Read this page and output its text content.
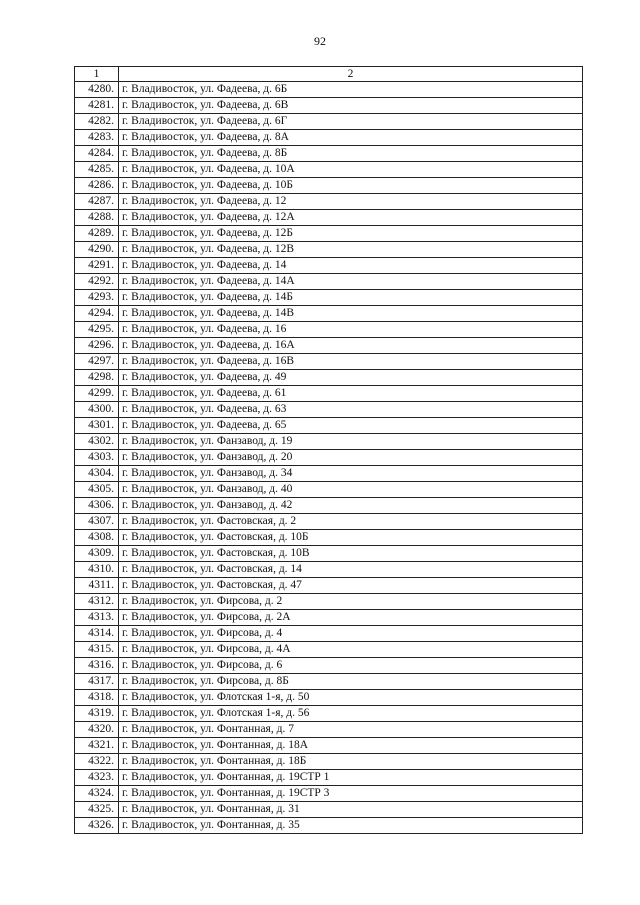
92
1	2
4280.	г. Владивосток, ул. Фадеева, д. 6Б
4281.	г. Владивосток, ул. Фадеева, д. 6В
4282.	г. Владивосток, ул. Фадеева, д. 6Г
4283.	г. Владивосток, ул. Фадеева, д. 8А
4284.	г. Владивосток, ул. Фадеева, д. 8Б
4285.	г. Владивосток, ул. Фадеева, д. 10А
4286.	г. Владивосток, ул. Фадеева, д. 10Б
4287.	г. Владивосток, ул. Фадеева, д. 12
4288.	г. Владивосток, ул. Фадеева, д. 12А
4289.	г. Владивосток, ул. Фадеева, д. 12Б
4290.	г. Владивосток, ул. Фадеева, д. 12В
4291.	г. Владивосток, ул. Фадеева, д. 14
4292.	г. Владивосток, ул. Фадеева, д. 14А
4293.	г. Владивосток, ул. Фадеева, д. 14Б
4294.	г. Владивосток, ул. Фадеева, д. 14В
4295.	г. Владивосток, ул. Фадеева, д. 16
4296.	г. Владивосток, ул. Фадеева, д. 16А
4297.	г. Владивосток, ул. Фадеева, д. 16В
4298.	г. Владивосток, ул. Фадеева, д. 49
4299.	г. Владивосток, ул. Фадеева, д. 61
4300.	г. Владивосток, ул. Фадеева, д. 63
4301.	г. Владивосток, ул. Фадеева, д. 65
4302.	г. Владивосток, ул. Фанзавод, д. 19
4303.	г. Владивосток, ул. Фанзавод, д. 20
4304.	г. Владивосток, ул. Фанзавод, д. 34
4305.	г. Владивосток, ул. Фанзавод, д. 40
4306.	г. Владивосток, ул. Фанзавод, д. 42
4307.	г. Владивосток, ул. Фастовская, д. 2
4308.	г. Владивосток, ул. Фастовская, д. 10Б
4309.	г. Владивосток, ул. Фастовская, д. 10В
4310.	г. Владивосток, ул. Фастовская, д. 14
4311.	г. Владивосток, ул. Фастовская, д. 47
4312.	г. Владивосток, ул. Фирсова, д. 2
4313.	г. Владивосток, ул. Фирсова, д. 2А
4314.	г. Владивосток, ул. Фирсова, д. 4
4315.	г. Владивосток, ул. Фирсова, д. 4А
4316.	г. Владивосток, ул. Фирсова, д. 6
4317.	г. Владивосток, ул. Фирсова, д. 8Б
4318.	г. Владивосток, ул. Флотская 1-я, д. 50
4319.	г. Владивосток, ул. Флотская 1-я, д. 56
4320.	г. Владивосток, ул. Фонтанная, д. 7
4321.	г. Владивосток, ул. Фонтанная, д. 18А
4322.	г. Владивосток, ул. Фонтанная, д. 18Б
4323.	г. Владивосток, ул. Фонтанная, д. 19СТР 1
4324.	г. Владивосток, ул. Фонтанная, д. 19СТР 3
4325.	г. Владивосток, ул. Фонтанная, д. 31
4326.	г. Владивосток, ул. Фонтанная, д. 35
